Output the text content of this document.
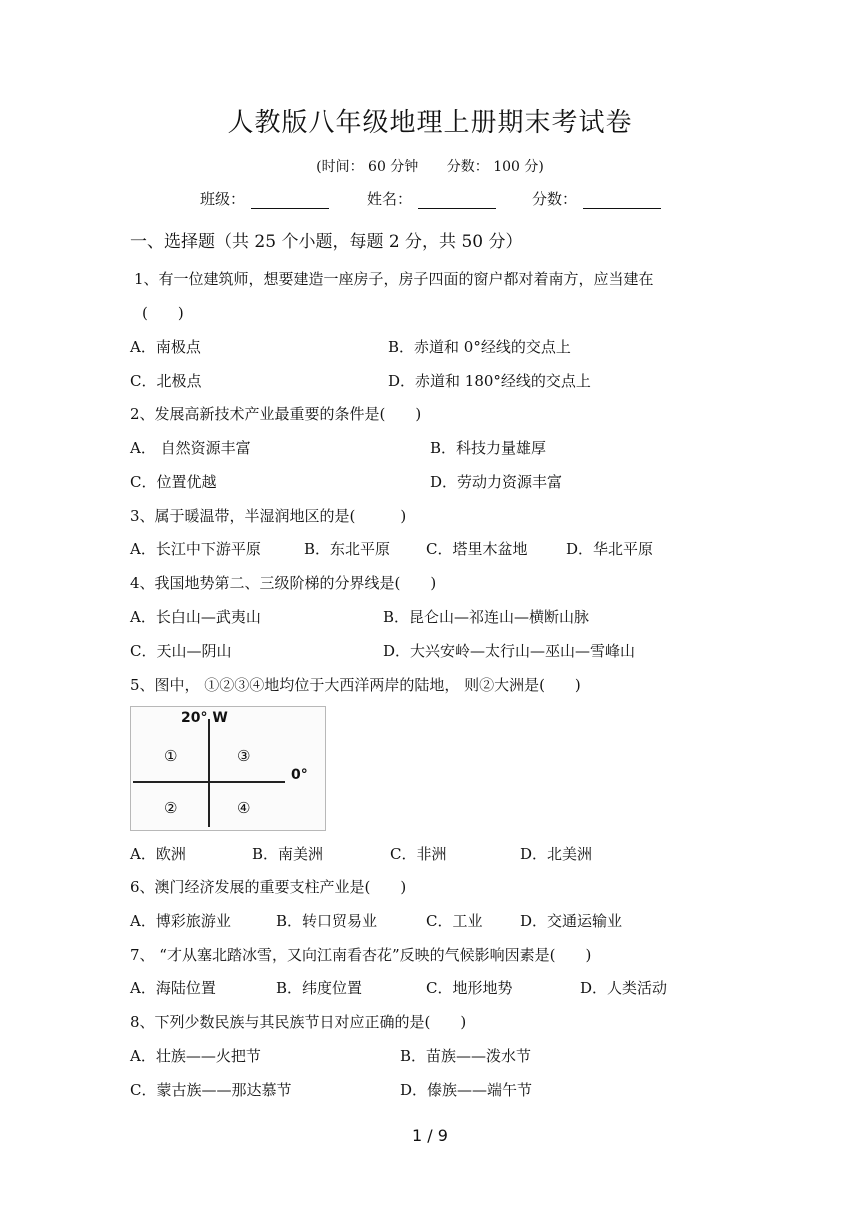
人教版八年级地理上册期末考试卷
(时间： 60 分钟 分数： 100 分)
班级：	姓名：	分数：
一、选择题（共 25 个小题，每题 2 分，共 50 分）
1、有一位建筑师，想要建造一座房子，房子四面的窗户都对着南方，应当建在
(　　)
A．南极点	B．赤道和 0°经线的交点上
C．北极点	D．赤道和 180°经线的交点上
2、发展高新技术产业最重要的条件是(　　)
A． 自然资源丰富	B．科技力量雄厚
C．位置优越	D．劳动力资源丰富
3、属于暖温带，半湿润地区的是(　　　)
A．长江中下游平原	B．东北平原 C．塔里木盆地	D．华北平原
4、我国地势第二、三级阶梯的分界线是(　　)
A．长白山—武夷山	B．昆仑山—祁连山—横断山脉
C．天山—阴山	D．大兴安岭—太行山—巫山—雪峰山
5、图中， ①②③④地均位于大西洋两岸的陆地， 则②大洲是(　　)
20° W
0°
①	③
②	④
A．欧洲	B．南美洲	C．非洲	D．北美洲
6、澳门经济发展的重要支柱产业是(　　)
A．博彩旅游业	B．转口贸易业	C．工业	D．交通运输业
7、 “才从塞北踏冰雪，又向江南看杏花”反映的气候影响因素是(　　)
A．海陆位置	B．纬度位置	C．地形地势	D．人类活动
8、下列少数民族与其民族节日对应正确的是(　　)
A．壮族——火把节	B．苗族——泼水节
C．蒙古族——那达慕节	D．傣族——端午节
1 / 9
